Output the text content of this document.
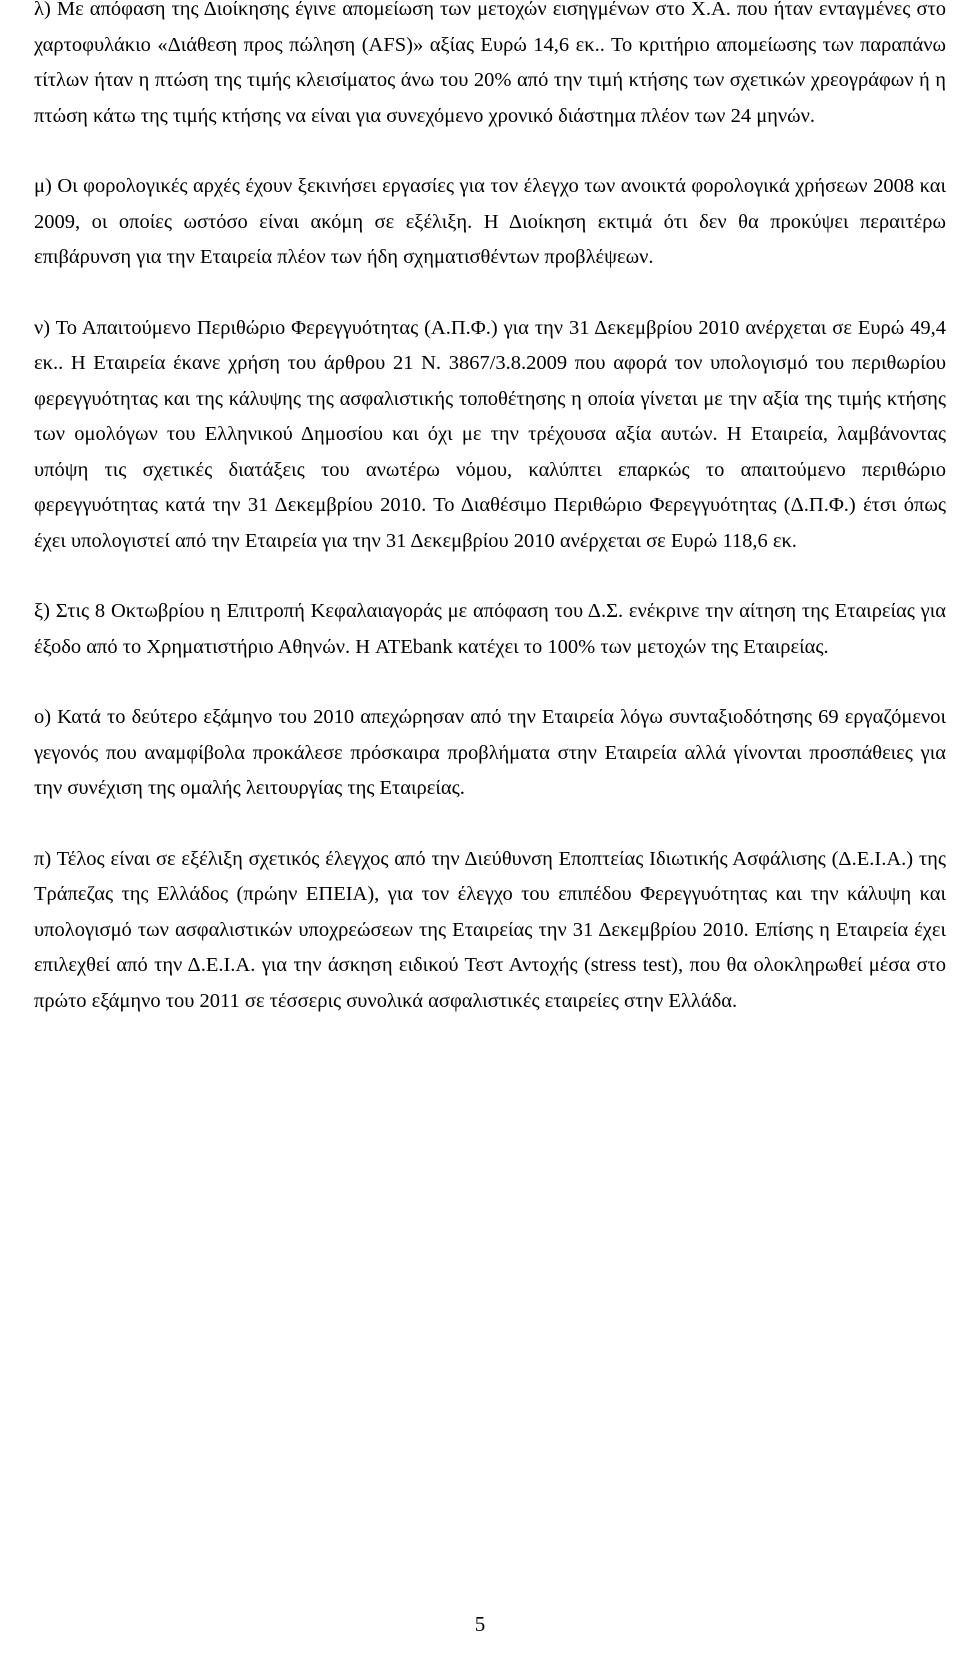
λ) Με απόφαση της Διοίκησης έγινε απομείωση των μετοχών εισηγμένων στο Χ.Α. που ήταν ενταγμένες στο χαρτοφυλάκιο «Διάθεση προς πώληση (AFS)» αξίας Ευρώ 14,6 εκ.. Το κριτήριο απομείωσης των παραπάνω τίτλων ήταν η πτώση της τιμής κλεισίματος άνω του 20% από την τιμή κτήσης των σχετικών χρεογράφων ή η πτώση κάτω της τιμής κτήσης να είναι για συνεχόμενο χρονικό διάστημα πλέον των 24 μηνών.

μ) Οι φορολογικές αρχές έχουν ξεκινήσει εργασίες για τον έλεγχο των ανοικτά φορολογικά χρήσεων 2008 και 2009, οι οποίες ωστόσο είναι ακόμη σε εξέλιξη. Η Διοίκηση εκτιμά ότι δεν θα προκύψει περαιτέρω επιβάρυνση για την Εταιρεία πλέον των ήδη σχηματισθέντων προβλέψεων.

ν) Το Απαιτούμενο Περιθώριο Φερεγγυότητας (Α.Π.Φ.) για την 31 Δεκεμβρίου 2010 ανέρχεται σε Ευρώ 49,4 εκ.. Η Εταιρεία έκανε χρήση του άρθρου 21 Ν. 3867/3.8.2009 που αφορά τον υπολογισμό του περιθωρίου φερεγγυότητας και της κάλυψης της ασφαλιστικής τοποθέτησης η οποία γίνεται με την αξία της τιμής κτήσης των ομολόγων του Ελληνικού Δημοσίου και όχι με την τρέχουσα αξία αυτών. Η Εταιρεία, λαμβάνοντας υπόψη τις σχετικές διατάξεις του ανωτέρω νόμου, καλύπτει επαρκώς το απαιτούμενο περιθώριο φερεγγυότητας κατά την 31 Δεκεμβρίου 2010. Το Διαθέσιμο Περιθώριο Φερεγγυότητας (Δ.Π.Φ.) έτσι όπως έχει υπολογιστεί από την Εταιρεία για την 31 Δεκεμβρίου 2010 ανέρχεται σε Ευρώ 118,6 εκ.

ξ) Στις 8 Οκτωβρίου η Επιτροπή Κεφαλαιαγοράς με απόφαση του Δ.Σ. ενέκρινε την αίτηση της Εταιρείας για έξοδο από το Χρηματιστήριο Αθηνών. Η ATEbank κατέχει το 100% των μετοχών της Εταιρείας.

ο) Κατά το δεύτερο εξάμηνο του 2010 απεχώρησαν από την Εταιρεία λόγω συνταξιοδότησης 69 εργαζόμενοι γεγονός που αναμφίβολα προκάλεσε πρόσκαιρα προβλήματα στην Εταιρεία αλλά γίνονται προσπάθειες για την συνέχιση της ομαλής λειτουργίας της Εταιρείας.

π) Τέλος είναι σε εξέλιξη σχετικός έλεγχος από την Διεύθυνση Εποπτείας Ιδιωτικής Ασφάλισης (Δ.Ε.Ι.Α.) της Τράπεζας της Ελλάδος (πρώην ΕΠΕΙΑ), για τον έλεγχο του επιπέδου Φερεγγυότητας και την κάλυψη και υπολογισμό των ασφαλιστικών υποχρεώσεων της Εταιρείας την 31 Δεκεμβρίου 2010. Επίσης η Εταιρεία έχει επιλεχθεί από την Δ.Ε.Ι.Α. για την άσκηση ειδικού Τεστ Αντοχής (stress test), που θα ολοκληρωθεί μέσα στο πρώτο εξάμηνο του 2011 σε τέσσερις συνολικά ασφαλιστικές εταιρείες στην Ελλάδα.

5
